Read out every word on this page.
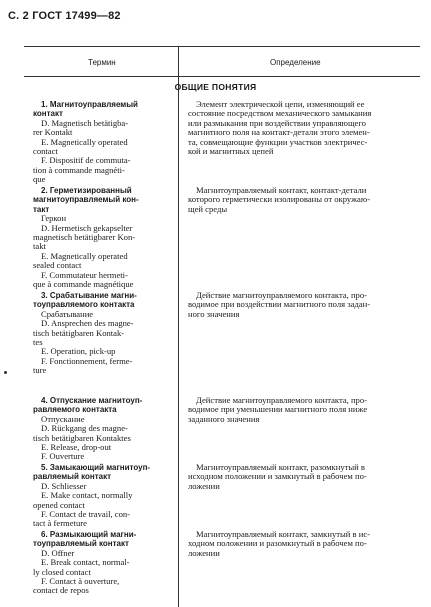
С. 2 ГОСТ 17499—82
Термин	Определение
ОБЩИЕ ПОНЯТИЯ
1. Магнитоуправляемый
контакт
D. Magnetisch betätigba-
rer Kontakt
E. Magnetically operated
contact
F. Dispositif de commuta-
tion à commande magnéti-
que
Элемент электрической цепи, изменяющий ее
состояние посредством механического замыкания
или размыкания при воздействии управляющего
магнитного поля на контакт-детали этого элемен-
та, совмещающие функции участков электричес-
кой и магнитных цепей
2. Герметизированный
магнитоуправляемый кон-
такт
Геркон
D. Hermetisch gekapselter
magnetisch betätigbarer Kon-
takt
E. Magnetically operated
sealed contact
F. Commutateur hermeti-
que à commande magnétique
Магнитоуправляемый контакт, контакт-детали
которого герметически изолированы от окружаю-
щей среды
3. Срабатывание магни-
тоуправляемого контакта
Срабатывание
D. Ansprechen des magne-
tisch betätigbaren Kontak-
tes
E. Operation, pick-up
F. Fonctionnement, ferme-
ture
Действие магнитоуправляемого контакта, про-
водимое при воздействии магнитного поля задан-
ного значения
4. Отпускание магнитоуп-
равляемого контакта
Отпускание
D. Rückgang des magne-
tisch betätigbaren Kontaktes
E. Release, drop-out
F. Ouverture
Действие магнитоуправляемого контакта, про-
водимое при уменьшении магнитного поля ниже
заданного значения
5. Замыкающий магнитоуп-
равляемый контакт
D. Schliesser
E. Make contact, normally
opened contact
F. Contact de travail, con-
tact à fermeture
Магнитоуправляемый контакт, разомкнутый в
исходном положении и замкнутый в рабочем по-
ложении
6. Размыкающий магни-
тоуправляемый контакт
D. Offner
E. Break contact, normal-
ly closed contact
F. Contact à ouverture,
contact de repos
Магнитоуправляемый контакт, замкнутый в ис-
ходном положении и разомкнутый в рабочем по-
ложении
